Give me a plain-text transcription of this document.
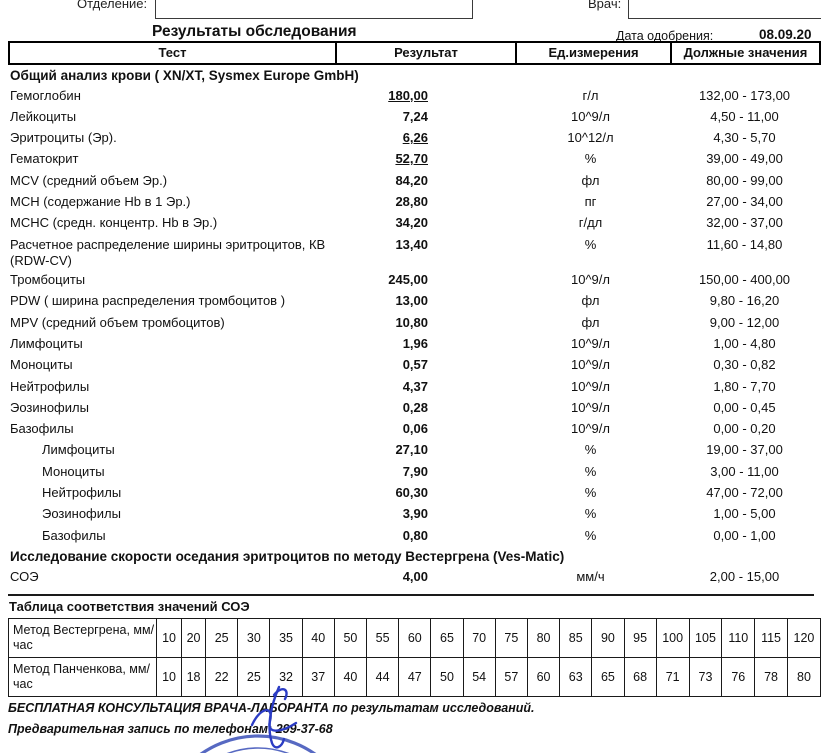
Отделение:	Врач:
Результаты обследования	Дата одобрения:	08.09.20
Тест	Результат	Ед.измерения	Должные значения
Общий анализ крови ( XN/XT, Sysmex Europe GmbH)
Гемоглобин	180,00	г/л	132,00 - 173,00
Лейкоциты	7,24	10^9/л	4,50 - 11,00
Эритроциты (Эр).	6,26	10^12/л	4,30 - 5,70
Гематокрит	52,70	%	39,00 - 49,00
MCV (средний объем Эр.)	84,20	фл	80,00 - 99,00
MCH (содержание Hb в 1 Эр.)	28,80	пг	27,00 - 34,00
MCHC (средн. концентр. Hb в Эр.)	34,20	г/дл	32,00 - 37,00
Расчетное распределение ширины эритроцитов, КВ (RDW-CV)
13,40	%	11,60 - 14,80
Тромбоциты	245,00	10^9/л	150,00 - 400,00
PDW ( ширина распределения тромбоцитов )	13,00	фл	9,80 - 16,20
MPV (средний объем тромбоцитов)	10,80	фл	9,00 - 12,00
Лимфоциты	1,96	10^9/л	1,00 - 4,80
Моноциты	0,57	10^9/л	0,30 - 0,82
Нейтрофилы	4,37	10^9/л	1,80 - 7,70
Эозинофилы	0,28	10^9/л	0,00 - 0,45
Базофилы	0,06	10^9/л	0,00 - 0,20
Лимфоциты	27,10	%	19,00 - 37,00
Моноциты	7,90	%	3,00 - 11,00
Нейтрофилы	60,30	%	47,00 - 72,00
Эозинофилы	3,90	%	1,00 - 5,00
Базофилы	0,80	%	0,00 - 1,00
Исследование скорости оседания эритроцитов по методу Вестергрена (Ves-Matic)
СОЭ	4,00	мм/ч	2,00 - 15,00
Таблица соответствия значений СОЭ
Метод Вестергрена, мм/час	10	20	25	30	35	40	50	55	60	65	70	75	80	85	90	95	100	105	110	115	120
Метод Панченкова, мм/час	10	18	22	25	32	37	40	44	47	50	54	57	60	63	65	68	71	73	76	78	80
БЕСПЛАТНАЯ КОНСУЛЬТАЦИЯ ВРАЧА-ЛАБОРАНТА по результатам исследований.
Предварительная запись по телефонам: 299-37-68
